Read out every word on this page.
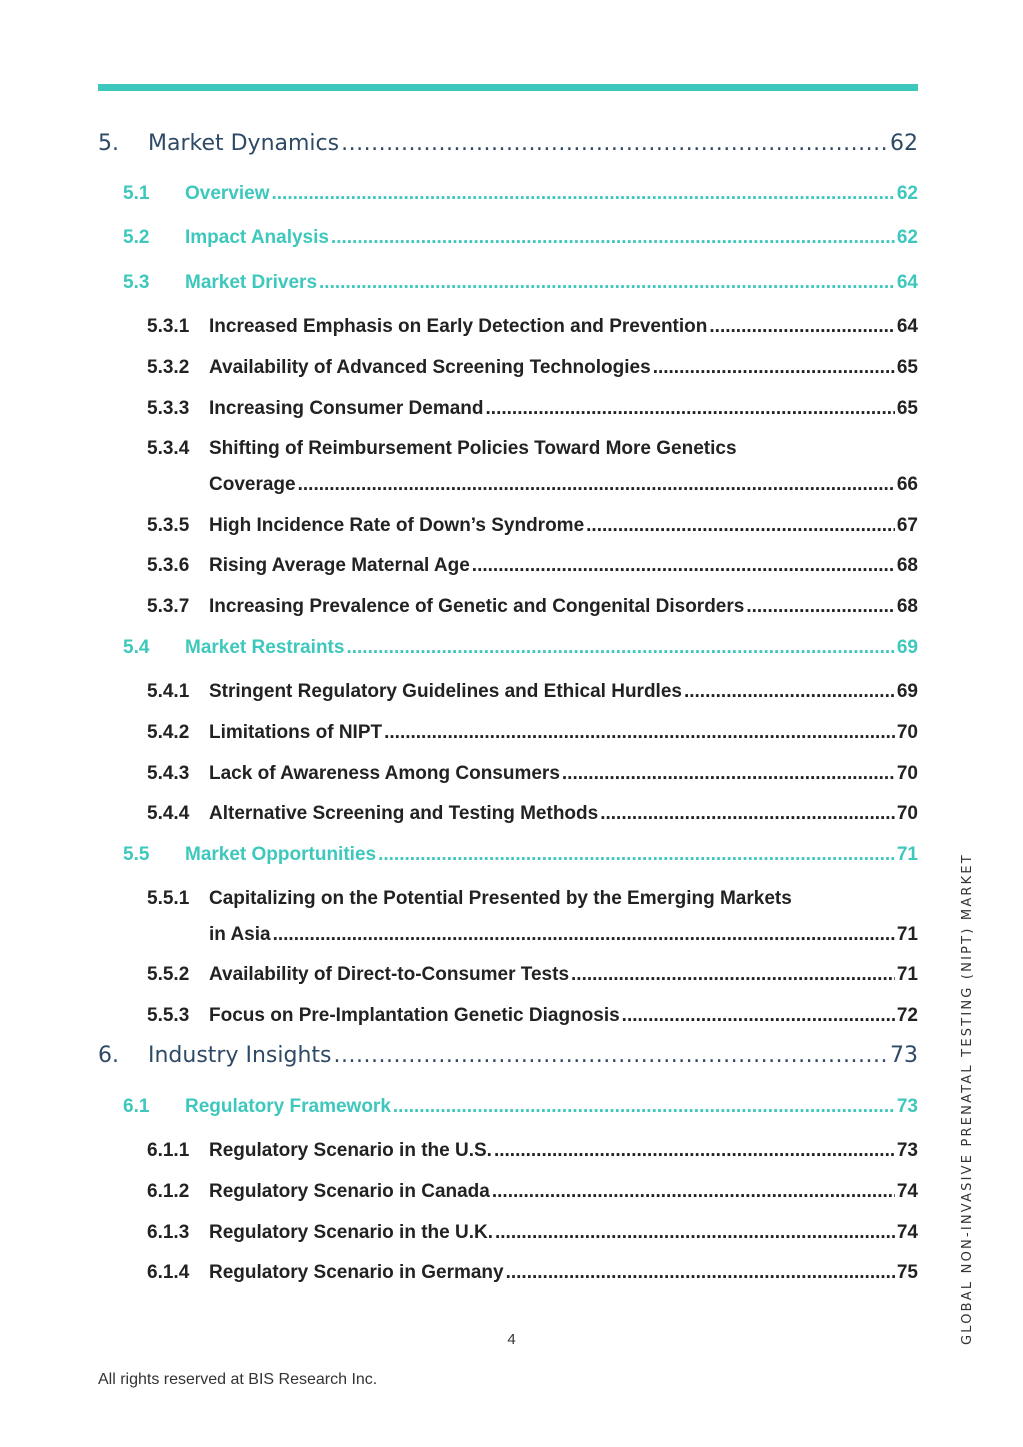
5.	Market Dynamics .....	62
5.1	Overview .....	62
5.2	Impact Analysis .....	62
5.3	Market Drivers .....	64
5.3.1	Increased Emphasis on Early Detection and Prevention .....	64
5.3.2	Availability of Advanced Screening Technologies .....	65
5.3.3	Increasing Consumer Demand .....	65
5.3.4	Shifting of Reimbursement Policies Toward More Genetics
Coverage .....	66
5.3.5	High Incidence Rate of Down’s Syndrome .....	67
5.3.6	Rising Average Maternal Age .....	68
5.3.7	Increasing Prevalence of Genetic and Congenital Disorders .....	68
5.4	Market Restraints .....	69
5.4.1	Stringent Regulatory Guidelines and Ethical Hurdles .....	69
5.4.2	Limitations of NIPT .....	70
5.4.3	Lack of Awareness Among Consumers .....	70
5.4.4	Alternative Screening and Testing Methods .....	70
5.5	Market Opportunities .....	71
5.5.1	Capitalizing on the Potential Presented by the Emerging Markets
in Asia .....	71
5.5.2	Availability of Direct-to-Consumer Tests .....	71
5.5.3	Focus on Pre-Implantation Genetic Diagnosis .....	72
6.	Industry Insights .....	73
6.1	Regulatory Framework .....	73
6.1.1	Regulatory Scenario in the U.S. .....	73
6.1.2	Regulatory Scenario in Canada .....	74
6.1.3	Regulatory Scenario in the U.K. .....	74
6.1.4	Regulatory Scenario in Germany .....	75
4
All rights reserved at BIS Research Inc.
GLOBAL NON-INVASIVE PRENATAL TESTING (NIPT) MARKET
